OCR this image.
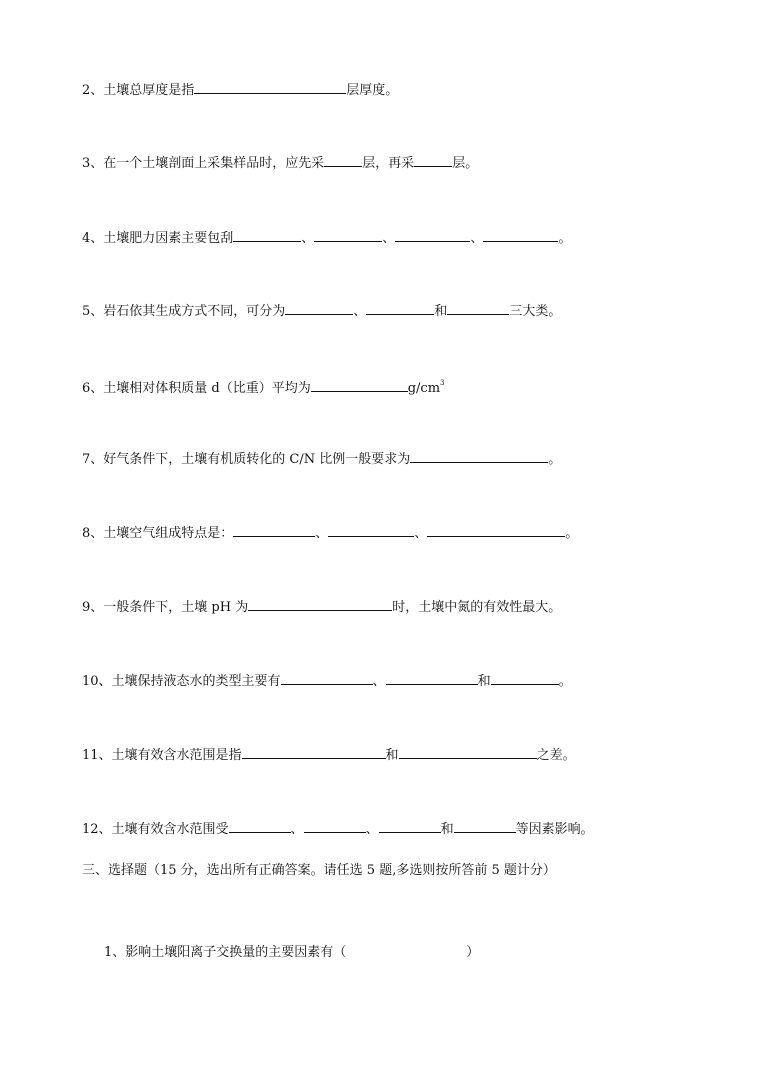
2、土壤总厚度是指	层厚度。
3、在一个土壤剖面上采集样品时，应先采	层，再采	层。
4、土壤肥力因素主要包刮	、	、	、	。
5、岩石依其生成方式不同，可分为	、	和	三大类。
6、土壤相对体积质量 d（比重）平均为	$g/cm^3$
7、好气条件下，土壤有机质转化的 C/N 比例一般要求为	。
8、土壤空气组成特点是：	、	、	。
9、一般条件下，土壤 pH 为	时，土壤中氮的有效性最大。
10、土壤保持液态水的类型主要有	、	和	。
11、土壤有效含水范围是指	和	之差。
12、土壤有效含水范围受	、	、	和	等因素影响。
三、选择题（15 分，选出所有正确答案。请任选 5 题,多选则按所答前 5 题计分）
1、影响土壤阳离子交换量的主要因素有（	）
